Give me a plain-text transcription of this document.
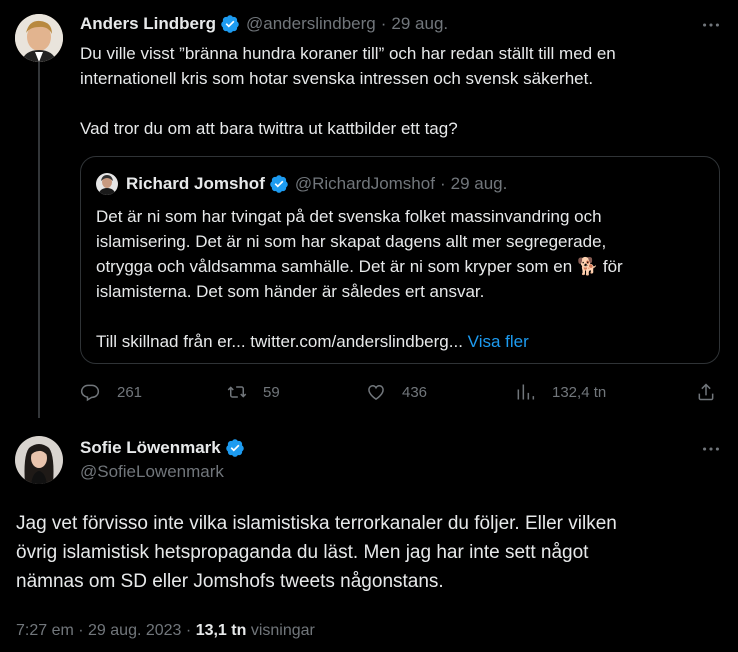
Anders Lindberg @anderslindberg · 29 aug.
Du ville visst ”bränna hundra koraner till” och har redan ställt till med en
internationell kris som hotar svenska intressen och svensk säkerhet.
Vad tror du om att bara twittra ut kattbilder ett tag?
Richard Jomshof @RichardJomshof · 29 aug.
Det är ni som har tvingat på det svenska folket massinvandring och
islamisering. Det är ni som har skapat dagens allt mer segregerade,
otrygga och våldsamma samhälle. Det är ni som kryper som en 🐕 för
islamisterna. Det som händer är således ert ansvar.
Till skillnad från er... twitter.com/anderslindberg... Visa fler
261	59	436	132,4 tn
Sofie Löwenmark
@SofieLowenmark
Jag vet förvisso inte vilka islamistiska terrorkanaler du följer. Eller vilken
övrig islamistisk hetspropaganda du läst. Men jag har inte sett något
nämnas om SD eller Jomshofs tweets någonstans.
7:27 em · 29 aug. 2023 · 13,1 tn visningar
